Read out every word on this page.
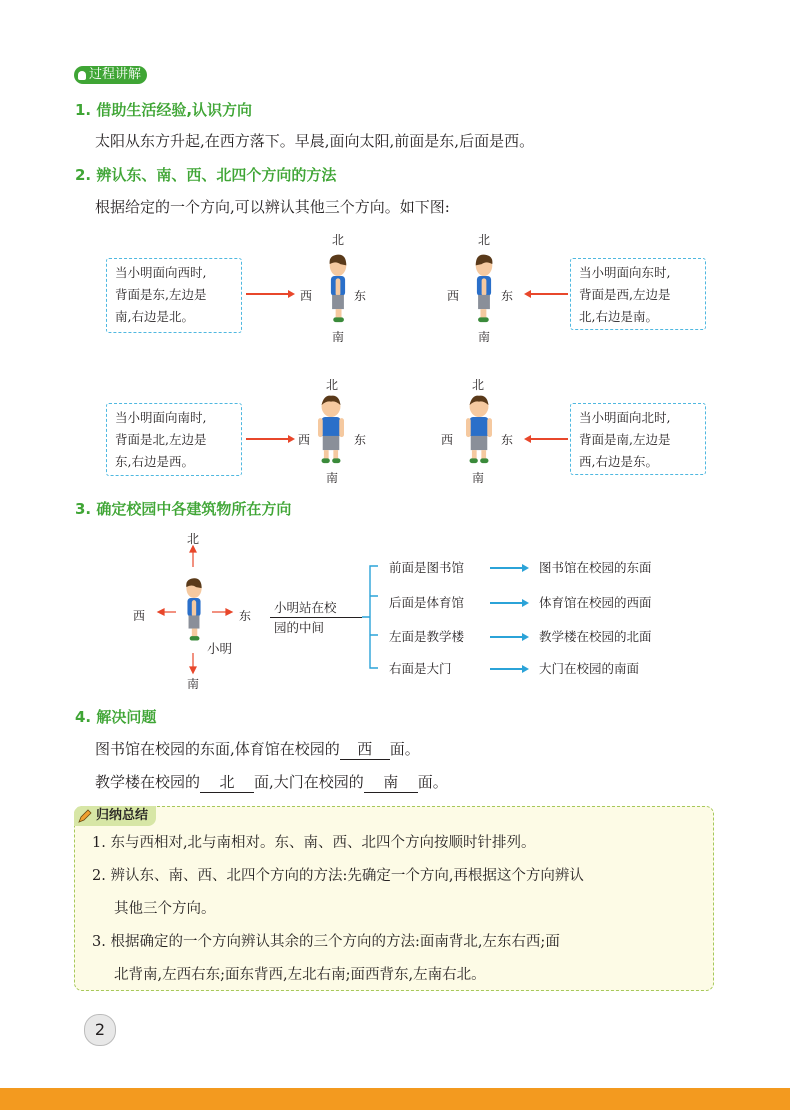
过程讲解
1. 借助生活经验,认识方向
太阳从东方升起,在西方落下。早晨,面向太阳,前面是东,后面是西。
2. 辨认东、南、西、北四个方向的方法
根据给定的一个方向,可以辨认其他三个方向。如下图:
当小明面向西时,
背面是东,左边是
南,右边是北。
北
西	东
南
北
西	东
南
当小明面向东时,
背面是西,左边是
北,右边是南。
当小明面向南时,
背面是北,左边是
东,右边是西。
北
西	东
南
北
西	东
南
当小明面向北时,
背面是南,左边是
西,右边是东。
3. 确定校园中各建筑物所在方向
北
西	东
南
小明
小明站在校
园的中间
前面是图书馆	图书馆在校园的东面
后面是体育馆	体育馆在校园的西面
左面是教学楼	教学楼在校园的北面
右面是大门	大门在校园的南面
4. 解决问题
图书馆在校园的东面,体育馆在校园的 西 面。
教学楼在校园的 北 面,大门在校园的 南 面。
归纳总结
1. 东与西相对,北与南相对。东、南、西、北四个方向按顺时针排列。
2. 辨认东、南、西、北四个方向的方法:先确定一个方向,再根据这个方向辨认
其他三个方向。
3. 根据确定的一个方向辨认其余的三个方向的方法:面南背北,左东右西;面
北背南,左西右东;面东背西,左北右南;面西背东,左南右北。
2
